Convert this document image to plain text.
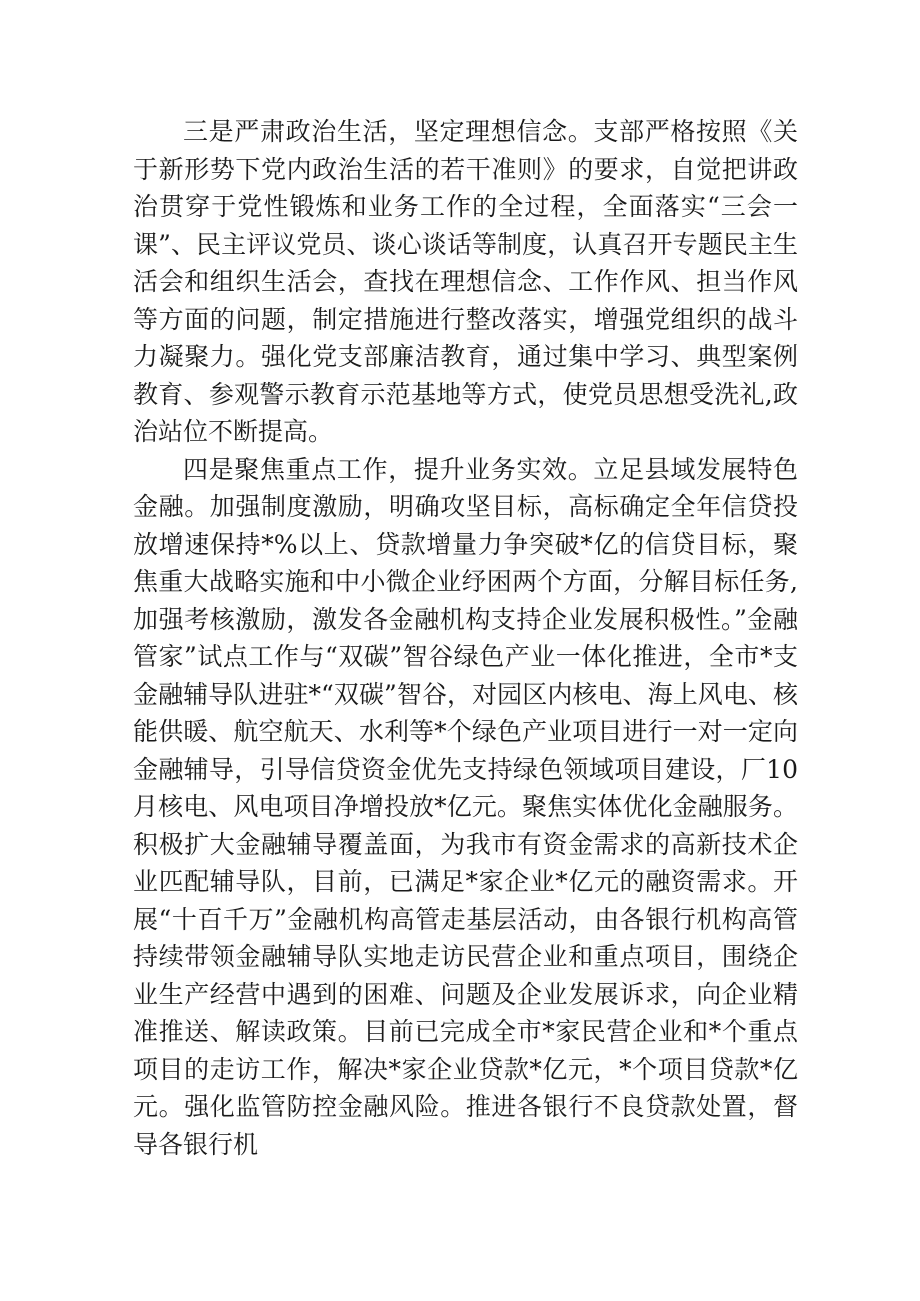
三是严肃政治生活，坚定理想信念。支部严格按照《关于新形势下党内政治生活的若干准则》的要求，自觉把讲政治贯穿于党性锻炼和业务工作的全过程，全面落实“三会一课”、民主评议党员、谈心谈话等制度，认真召开专题民主生活会和组织生活会，查找在理想信念、工作作风、担当作风等方面的问题，制定措施进行整改落实，增强党组织的战斗力凝聚力。强化党支部廉洁教育，通过集中学习、典型案例教育、参观警示教育示范基地等方式，使党员思想受洗礼,政治站位不断提高。

四是聚焦重点工作，提升业务实效。立足县域发展特色金融。加强制度激励，明确攻坚目标，高标确定全年信贷投放增速保持*%以上、贷款增量力争突破*亿的信贷目标，聚焦重大战略实施和中小微企业纾困两个方面，分解目标任务,加强考核激励，激发各金融机构支持企业发展积极性。”金融管家”试点工作与“双碳”智谷绿色产业一体化推进，全市*支金融辅导队进驻*“双碳”智谷，对园区内核电、海上风电、核能供暖、航空航天、水利等*个绿色产业项目进行一对一定向金融辅导，引导信贷资金优先支持绿色领域项目建设，厂10月核电、风电项目净增投放*亿元。聚焦实体优化金融服务。积极扩大金融辅导覆盖面，为我市有资金需求的高新技术企业匹配辅导队，目前，已满足*家企业*亿元的融资需求。开展“十百千万”金融机构高管走基层活动，由各银行机构高管持续带领金融辅导队实地走访民营企业和重点项目，围绕企业生产经营中遇到的困难、问题及企业发展诉求，向企业精准推送、解读政策。目前已完成全市*家民营企业和*个重点项目的走访工作，解决*家企业贷款*亿元，*个项目贷款*亿元。强化监管防控金融风险。推进各银行不良贷款处置，督导各银行机
